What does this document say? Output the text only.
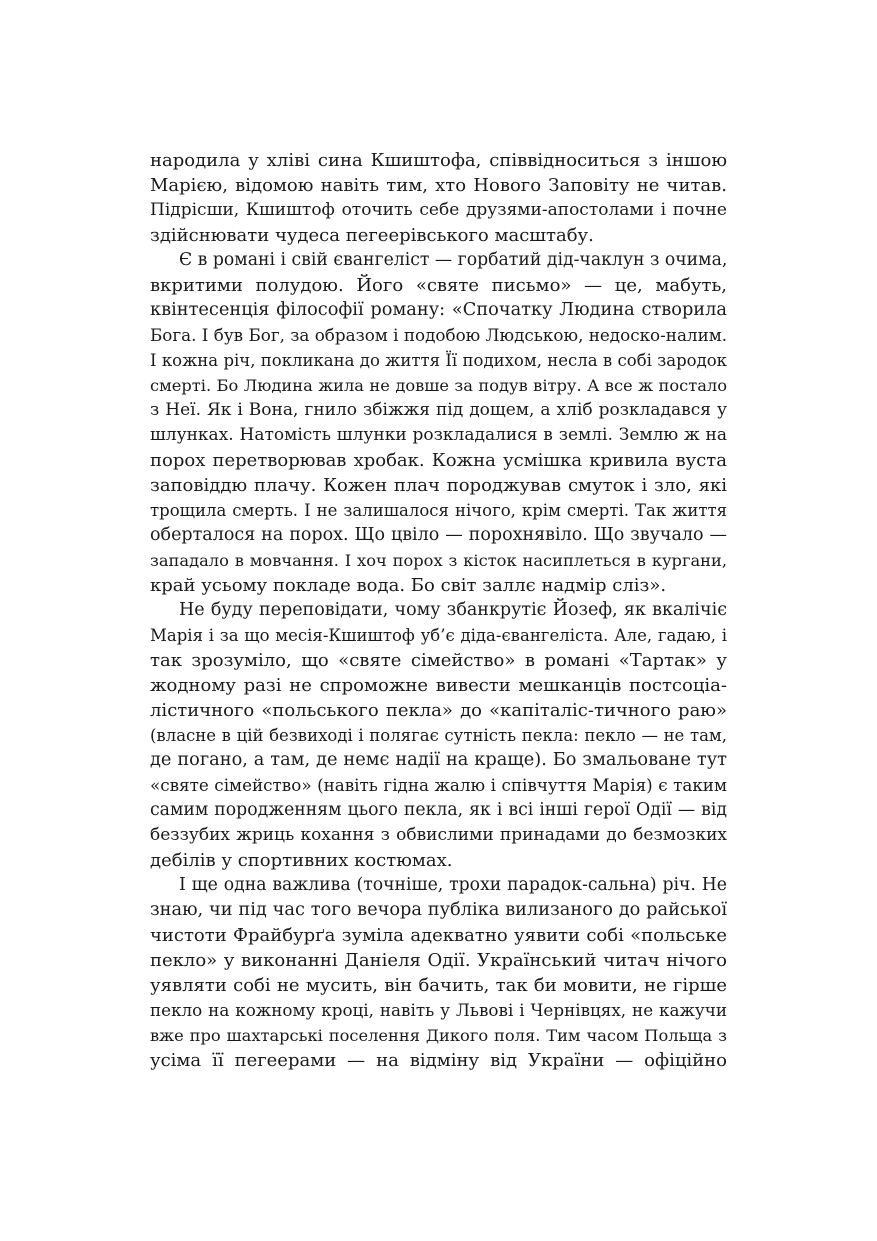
народила у хліві сина Кшиштофа, співвідноситься з іншою
Марією, відомою навіть тим, хто Нового Заповіту не читав.
Підрісши, Кшиштоф оточить себе друзями-апостолами і почне
здійснювати чудеса пегеерівського масштабу.
Є в романі і свій євангеліст — горбатий дід-чаклун з очима,
вкритими полудою. Його «святе письмо» — це, мабуть,
квінтесенція філософії роману: «Спочатку Людина створила
Бога. І був Бог, за образом і подобою Людською, недоско-налим.
І кожна річ, покликана до життя Її подихом, несла в собі зародок
смерті. Бо Людина жила не довше за подув вітру. А все ж постало
з Неї. Як і Вона, гнило збіжжя під дощем, а хліб розкладався у
шлунках. Натомість шлунки розкладалися в землі. Землю ж на
порох перетворював хробак. Кожна усмішка кривила вуста
заповіддю плачу. Кожен плач породжував смуток і зло, які
трощила смерть. І не залишалося нічого, крім смерті. Так життя
оберталося на порох. Що цвіло — порохнявіло. Що звучало —
западало в мовчання. І хоч порох з кісток насиплеться в кургани,
край усьому покладе вода. Бо світ заллє надмір сліз».
Не буду переповідати, чому збанкрутіє Йозеф, як вкалічіє
Марія і за що месія-Кшиштоф уб’є діда-євангеліста. Але, гадаю, і
так зрозуміло, що «святе сімейство» в романі «Тартак» у
жодному разі не спроможне вивести мешканців постсоціа-
лістичного «польського пекла» до «капіталіс-тичного раю»
(власне в цій безвиході і полягає сутність пекла: пекло — не там,
де погано, а там, де немє надії на краще). Бо змальоване тут
«святе сімейство» (навіть гідна жалю і співчуття Марія) є таким
самим породженням цього пекла, як і всі інші герої Одії — від
беззубих жриць кохання з обвислими принадами до безмозких
дебілів у спортивних костюмах.
І ще одна важлива (точніше, трохи парадок-сальна) річ. Не
знаю, чи під час того вечора публіка вилизаного до райської
чистоти Фрайбурґа зуміла адекватно уявити собі «польське
пекло» у виконанні Даніеля Одії. Український читач нічого
уявляти собі не мусить, він бачить, так би мовити, не гірше
пекло на кожному кроці, навіть у Львові і Чернівцях, не кажучи
вже про шахтарські поселення Дикого поля. Тим часом Польща з
усіма її пегеерами — на відміну від України — офіційно
